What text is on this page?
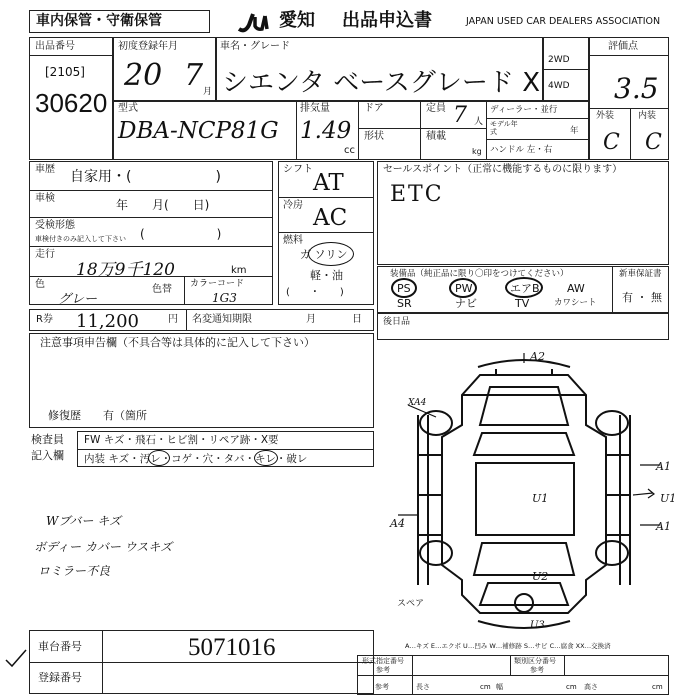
車内保管・守衛保管	愛知 出品申込書	JAPAN USED CAR DEALERS ASSOCIATION
出品番号
[2105]
30620
初度登録年月
20 7 月
車名・グレード
シエンタ ベースグレード X
2WD
4WD
評価点
3.5
外装	内装
C C
型式
DBA-NCP81G
排気量
1.49
cc
ドア
形状
定員 7 人
積載
kg
ディーラー・並行
モデル年式	年
ハンドル 左・右
車歴 自家用・(　　　　　　)
車検	年　　月(　　日)
受検形態
車検付きのみ記入して下さい (　　　　　　)
走行
18万9千120	km
色
グレー
色替 カラーコード
1G3
シフト
AT
冷房 AC
燃料
ガ ソリン
軽・油
(　　・　　)
セールスポイント（正常に機能するものに限ります）
ETC
装備品（純正品に限り〇印をつけてください）	新車保証書
有 ・ 無
PS	PW	エアB AW
SR	ナビ	TV	カワシート
R券 11,200	円 名変通知期限	月	日 後日品
注意事項申告欄（不具合等は具体的に記入して下さい）
修復歴　　有（箇所
検査員
記入欄
FW キズ・飛石・ヒビ割・リペア跡・X要
内装 キズ・汚レ・コゲ・穴・タバ・キレ・破レ
Wブバー キズ
ボディー カバー ウスキズ
ロミラー不良
A2
A1
U1
A4	A1
U1
U2
U3
XA4
スペア
A…キズ E…エクボ U…凹み W…補修跡 S…サビ C…腐食 XX…交換済
車台番号	5071016
登録番号
形式指定番号
参考
類別区分番号
参考
参考	長さ	cm 幅	cm 高さ	cm
